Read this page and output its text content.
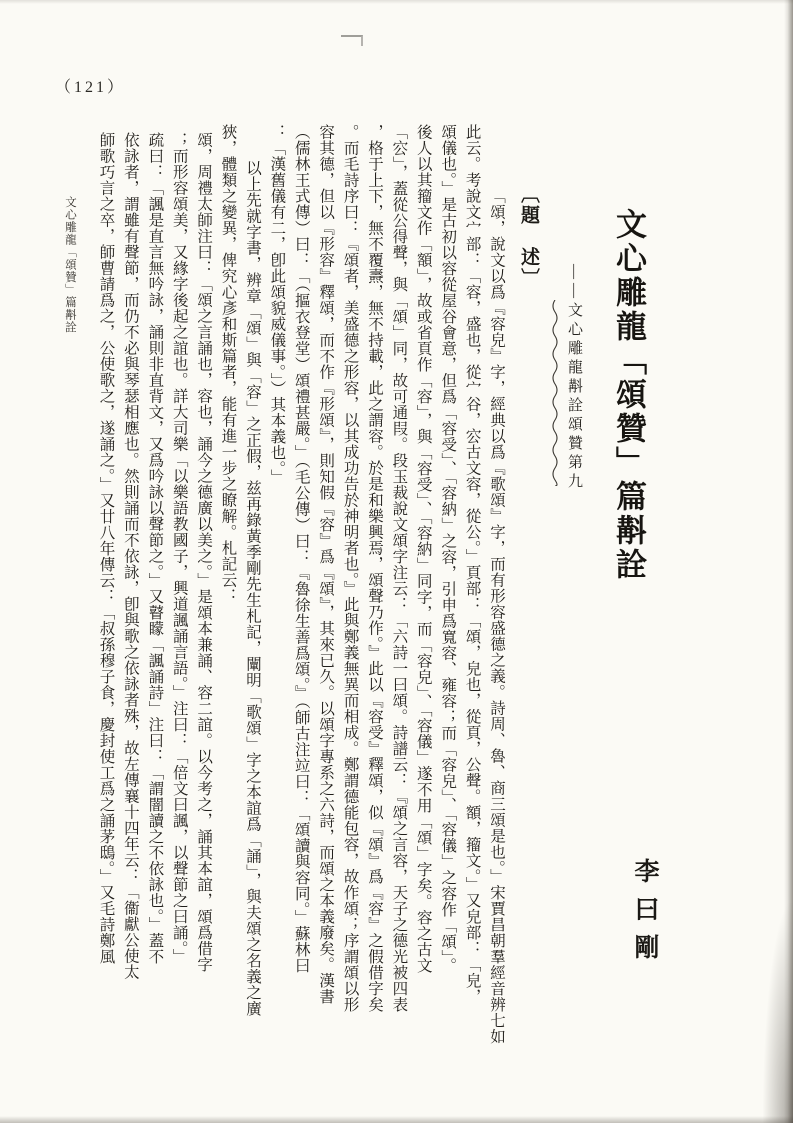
（121）
文心雕龍「頌贊」篇斠詮
——文心雕龍斠詮頌贊第九
李曰剛
〔題　述〕
「頌，說文以爲『容皃』字，經典以爲『歌頌』字，而有形容盛德之義。詩周、魯、商三頌是也。」宋賈昌朝羣經音辨七如
此云。考說文宀部：「容，盛也，從宀谷，㝐古文容，從公。」頁部：「頌，皃也，從頁，公聲。額，籀文。」又皃部：「皃，
頌儀也。」是古初以容從屋谷會意，但爲「容受」、「容納」之容，引申爲寬容、雍容；而「容皃」、「容儀」之容作「頌」。
後人以其籀文作「額」，故或省頁作「容」，與「容受」、「容納」同字，而「容皃」、「容儀」遂不用「頌」字矣。容之古文
「㝐」，蓋從公得聲，與「頌」同，故可通叚。段玉裁說文頌字注云：「六詩一曰頌。詩譜云：『頌之言容，天子之德光被四表
，格于上下，無不覆燾，無不持載，此之謂容。於是和樂興焉，頌聲乃作。』此以『容受』釋頌，似『頌』爲『容』之假借字矣
。而毛詩序曰：『頌者，美盛德之形容，以其成功告於神明者也。』此與鄭義無異而相成。鄭謂德能包容，故作頌；序謂頌以形
容其德，但以『形容』釋頌，而不作『形頌』，則知假『容』爲『頌』，其來已久。以頌字專系之六詩，而頌之本義廢矣。漢書
（儒林王式傳）曰：「（摳衣登堂）頌禮甚嚴。」（毛公傳）曰：『魯徐生善爲頌。』（師古注竝曰：「頌讀與容同。」蘇林曰
：「漢舊儀有二，卽此頌貌威儀事。」）其本義也。」
以上先就字書，辨章「頌」與「容」之正假，兹再錄黃季剛先生札記，闡明「歌頌」字之本誼爲「誦」，與夫頌之名義之廣
狹，體類之變異，俾究心彥和斯篇者，能有進一步之瞭解。札記云：
頌，周禮太師注曰：「頌之言誦也，容也，誦今之德廣以美之。」是頌本兼誦、容二誼。以今考之，誦其本誼，頌爲借字
；而形容頌美，又緣字後起之誼也。詳大司樂「以樂語教國子，興道諷誦言語。」注曰：「倍文曰諷，以聲節之曰誦。」
疏曰：「諷是直言無吟詠，誦則非直背文，又爲吟詠以聲節之。」又瞽矇「諷誦詩」注曰：「謂闇讀之不依詠也。」蓋不
依詠者，謂雖有聲節，而仍不必與琴瑟相應也。然則誦而不依詠，卽與歌之依詠者殊，故左傳襄十四年云：「衞獻公使太
師歌巧言之卒，師曹請爲之，公使歌之，遂誦之。」又廿八年傳云：「叔孫穆子食，慶封使工爲之誦茅鴟。」又毛詩鄭風
文心雕龍「頌贊」篇斠詮
